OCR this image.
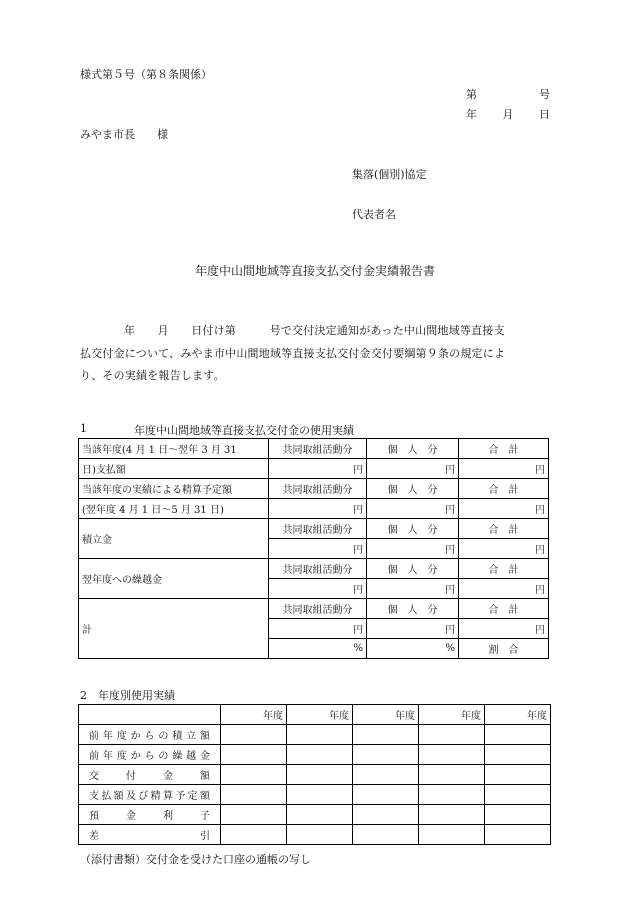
様式第５号（第８条関係）
第　　　　号
年　　月　　日
みやま市長　　様
集落(個別)協定
代表者名
年度中山間地域等直接支払交付金実績報告書
年　　月　　日付け第　　　号で交付決定通知があった中山間地域等直接支
払交付金について、みやま市中山間地域等直接支払交付金交付要綱第９条の規定によ
り、その実績を報告します。
1	年度中山間地域等直接支払交付金の使用実績
当該年度(4 月 1 日～翌年 3 月 31	共同取組活動分	個　人　分	合　計
日)支払額	円	円	円
当該年度の実績による精算予定額	共同取組活動分	個　人　分	合　計
(翌年度 4 月 1 日～5 月 31 日)	円	円	円
積立金	共同取組活動分	個　人　分	合　計
	円	円	円
翌年度への繰越金	共同取組活動分	個　人　分	合　計
	円	円	円
計	共同取組活動分	個　人　分	合　計
	円	円	円
	%	%	割　合
2　年度別使用実績
	年度	年度	年度	年度	年度
前年度からの積立額					
前年度からの繰越金					
交付金額					
支払額及び精算予定額					
預金利子					
差引					
（添付書類）交付金を受けた口座の通帳の写し
